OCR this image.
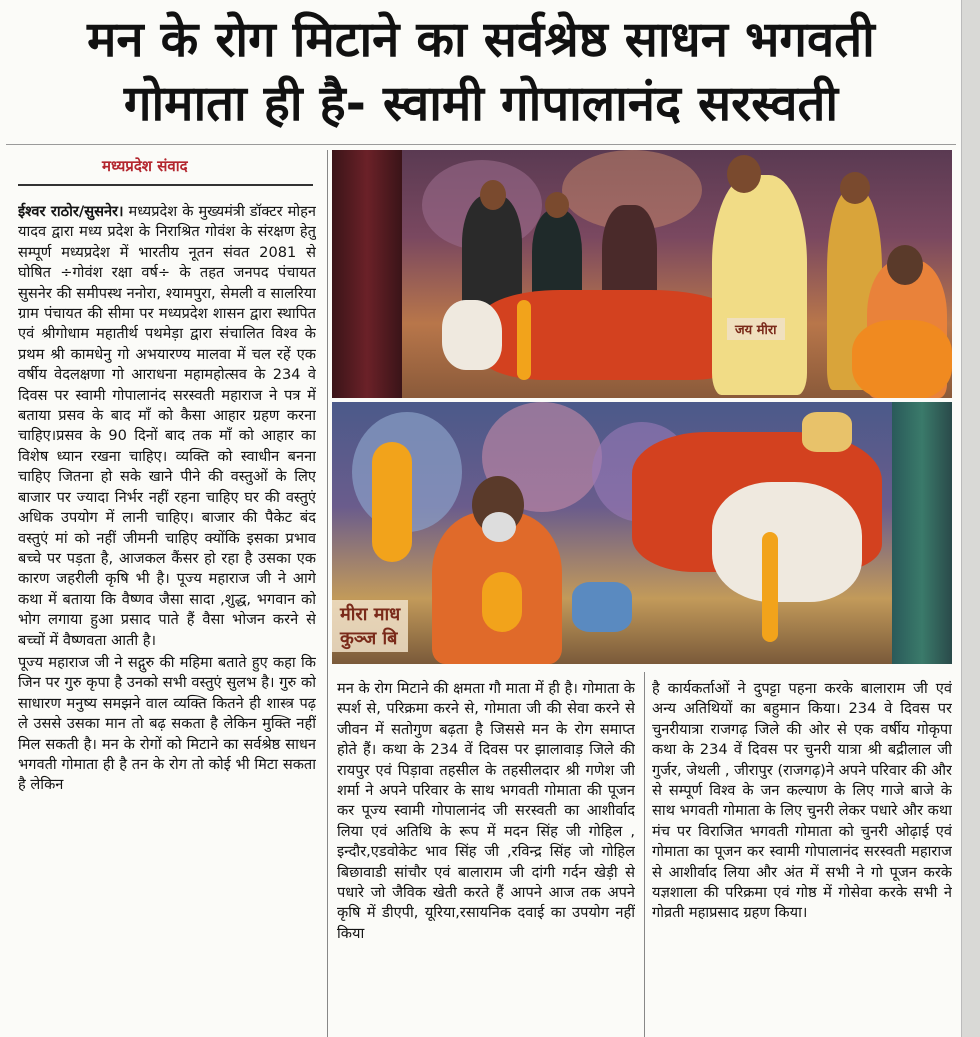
मन के रोग मिटाने का सर्वश्रेष्ठ साधन भगवती
गोमाता ही है- स्वामी गोपालानंद सरस्वती
मध्यप्रदेश संवाद
जय मीरा
मीरा माध
कुञ्ज बि

ईश्वर राठोर/सुसनेर। मध्यप्रदेश के मुख्यमंत्री डॉक्टर मोहन यादव द्वारा मध्य प्रदेश के निराश्रित गोवंश के संरक्षण हेतु सम्पूर्ण मध्यप्रदेश में भारतीय नूतन संवत 2081 से घोषित ÷गोवंश रक्षा वर्ष÷ के तहत जनपद पंचायत सुसनेर की समीपस्थ ननोरा, श्यामपुरा, सेमली व सालरिया ग्राम पंचायत की सीमा पर मध्यप्रदेश शासन द्वारा स्थापित एवं श्रीगोधाम महातीर्थ पथमेड़ा द्वारा संचालित विश्व के प्रथम श्री कामधेनु गो अभयारण्य मालवा में चल रहें एक वर्षीय वेदलक्षणा गो आराधना महामहोत्सव के 234 वे दिवस पर स्वामी गोपालानंद सरस्वती महाराज ने पत्र में बताया प्रसव के बाद माँ को कैसा आहार ग्रहण करना चाहिए।प्रसव के 90 दिनों बाद तक माँ को आहार का विशेष ध्यान रखना चाहिए। व्यक्ति को स्वाधीन बनना चाहिए जितना हो सके खाने पीने की वस्तुओं के लिए बाजार पर ज्यादा निर्भर नहीं रहना चाहिए घर की वस्तुएं अधिक उपयोग में लानी चाहिए। बाजार की पैकेट बंद वस्तुएं मां को नहीं जीमनी चाहिए क्योंकि इसका प्रभाव बच्चे पर पड़ता है, आजकल कैंसर हो रहा है उसका एक कारण जहरीली कृषि भी है। पूज्य महाराज जी ने आगे कथा में बताया कि वैष्णव जैसा सादा ,शुद्ध, भगवान को भोग लगाया हुआ प्रसाद पाते हैं वैसा भोजन करने से बच्चों में वैष्णवता आती है।

पूज्य महाराज जी ने सद्गुरु की महिमा बताते हुए कहा कि जिन पर गुरु कृपा है उनको सभी वस्तुएं सुलभ है। गुरु को साधारण मनुष्य समझने वाल व्यक्ति कितने ही शास्त्र पढ़ ले उससे उसका मान तो बढ़ सकता है लेकिन मुक्ति नहीं मिल सकती है। मन के रोगों को मिटाने का सर्वश्रेष्ठ साधन भगवती गोमाता ही है तन के रोग तो कोई भी मिटा सकता है लेकिन

मन के रोग मिटाने की क्षमता गौ माता में ही है। गोमाता के स्पर्श से, परिक्रमा करने से, गोमाता जी की सेवा करने से जीवन में सतोगुण बढ़ता है जिससे मन के रोग समाप्त होते हैं। कथा के 234 वें दिवस पर झालावाड़ जिले की रायपुर एवं पिड़ावा तहसील के तहसीलदार श्री गणेश जी शर्मा ने अपने परिवार के साथ भगवती गोमाता की पूजन कर पूज्य स्वामी गोपालानंद जी सरस्वती का आशीर्वाद लिया एवं अतिथि के रूप में मदन सिंह जी गोहिल , इन्दौर,एडवोकेट भाव सिंह जी ,रविन्द्र सिंह जो गोहिल बिछावाडी सांचौर एवं बालाराम जी दांगी गर्दन खेड़ी से पधारे जो जैविक खेती करते हैं आपने आज तक अपने कृषि में डीएपी, यूरिया,रसायनिक दवाई का उपयोग नहीं किया

है कार्यकर्ताओं ने दुपट्टा पहना करके बालाराम जी एवं अन्य अतिथियों का बहुमान किया। 234 वे दिवस पर चुनरीयात्रा राजगढ़ जिले की ओर से एक वर्षीय गोकृपा कथा के 234 वें दिवस पर चुनरी यात्रा श्री बद्रीलाल जी गुर्जर, जेथली , जीरापुर (राजगढ़)ने अपने परिवार की और से सम्पूर्ण विश्व के जन कल्याण के लिए गाजे बाजे के साथ भगवती गोमाता के लिए चुनरी लेकर पधारे और कथा मंच पर विराजित भगवती गोमाता को चुनरी ओढ़ाई एवं गोमाता का पूजन कर स्वामी गोपालानंद सरस्वती महाराज से आशीर्वाद लिया और अंत में सभी ने गो पूजन करके यज्ञशाला की परिक्रमा एवं गोष्ठ में गोसेवा करके सभी ने गोव्रती महाप्रसाद ग्रहण किया।
